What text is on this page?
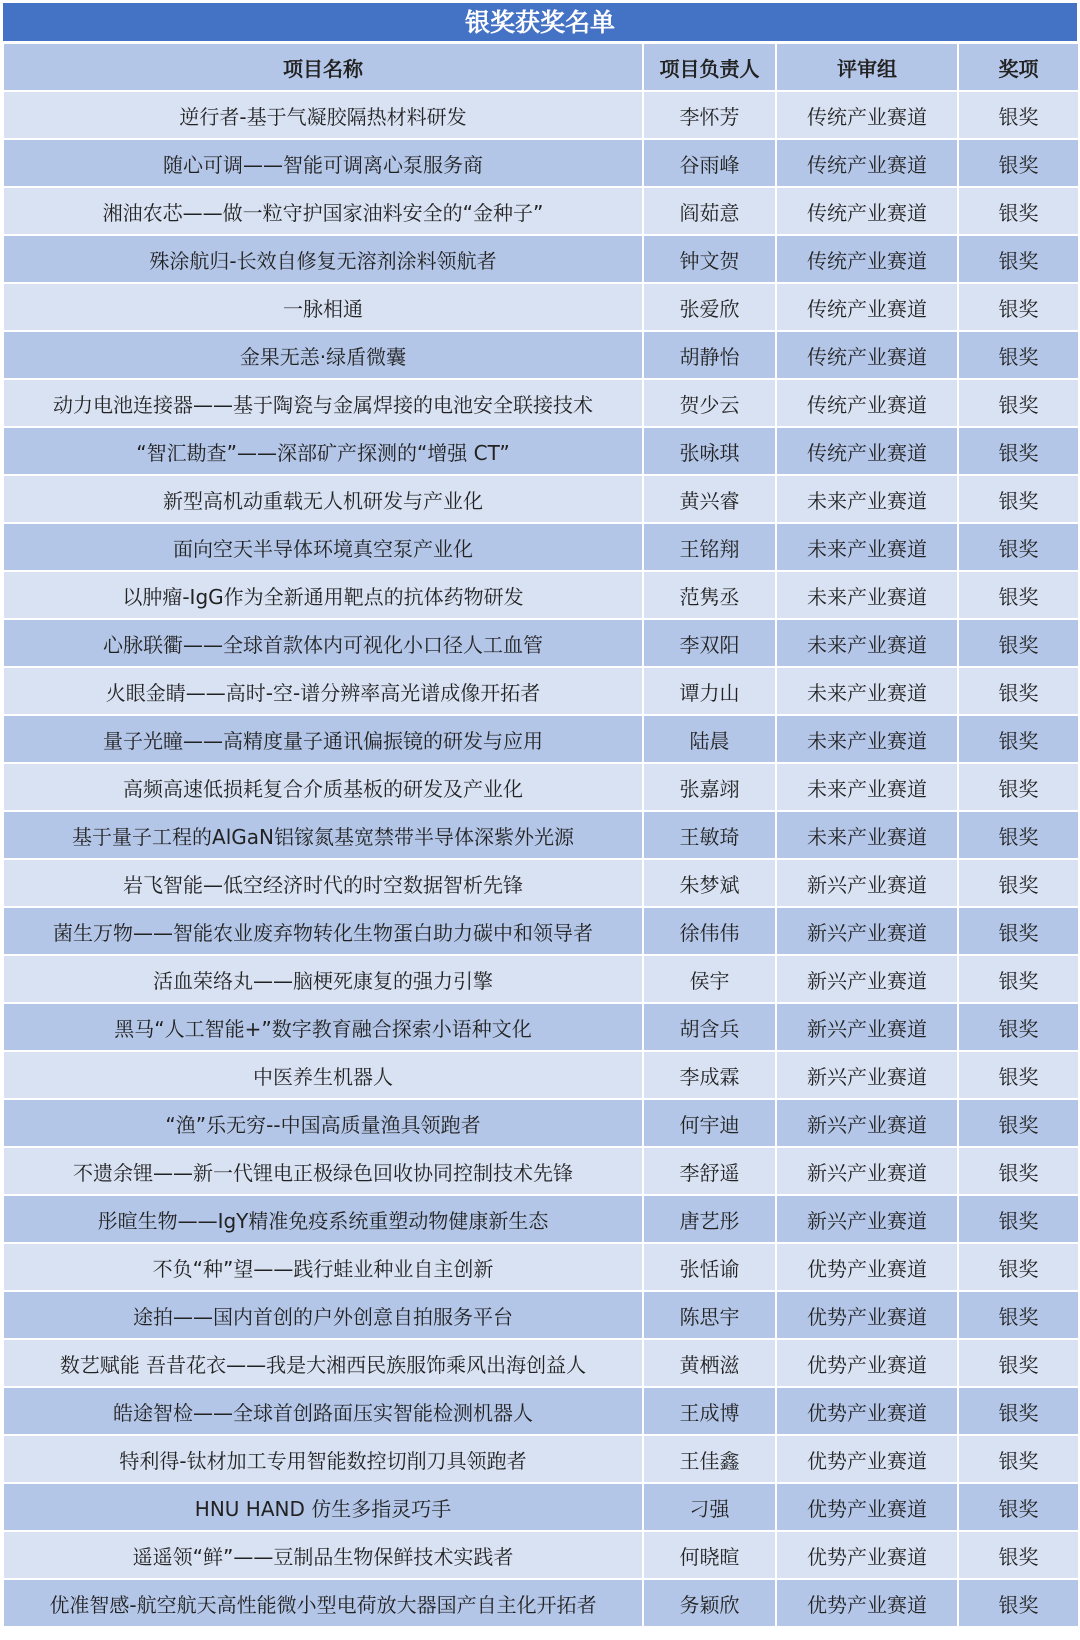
银奖获奖名单
项目名称	项目负责人	评审组	奖项
逆行者-基于气凝胶隔热材料研发	李怀芳	传统产业赛道	银奖
随心可调——智能可调离心泵服务商	谷雨峰	传统产业赛道	银奖
湘油农芯——做一粒守护国家油料安全的“金种子”	阎茹意	传统产业赛道	银奖
殊涂航归-长效自修复无溶剂涂料领航者	钟文贺	传统产业赛道	银奖
一脉相通	张爱欣	传统产业赛道	银奖
金果无恙·绿盾微囊	胡静怡	传统产业赛道	银奖
动力电池连接器——基于陶瓷与金属焊接的电池安全联接技术	贺少云	传统产业赛道	银奖
“智汇勘查”——深部矿产探测的“增强 CT”	张咏琪	传统产业赛道	银奖
新型高机动重载无人机研发与产业化	黄兴睿	未来产业赛道	银奖
面向空天半导体环境真空泵产业化	王铭翔	未来产业赛道	银奖
以肿瘤-IgG作为全新通用靶点的抗体药物研发	范隽丞	未来产业赛道	银奖
心脉联衢——全球首款体内可视化小口径人工血管	李双阳	未来产业赛道	银奖
火眼金睛——高时-空-谱分辨率高光谱成像开拓者	谭力山	未来产业赛道	银奖
量子光瞳——高精度量子通讯偏振镜的研发与应用	陆晨	未来产业赛道	银奖
高频高速低损耗复合介质基板的研发及产业化	张嘉翊	未来产业赛道	银奖
基于量子工程的AlGaN铝镓氮基宽禁带半导体深紫外光源	王敏琦	未来产业赛道	银奖
岩飞智能—低空经济时代的时空数据智析先锋	朱梦斌	新兴产业赛道	银奖
菌生万物——智能农业废弃物转化生物蛋白助力碳中和领导者	徐伟伟	新兴产业赛道	银奖
活血荣络丸——脑梗死康复的强力引擎	侯宇	新兴产业赛道	银奖
黑马“人工智能+”数字教育融合探索小语种文化	胡含兵	新兴产业赛道	银奖
中医养生机器人	李成霖	新兴产业赛道	银奖
“渔”乐无穷--中国高质量渔具领跑者	何宇迪	新兴产业赛道	银奖
不遗余锂——新一代锂电正极绿色回收协同控制技术先锋	李舒遥	新兴产业赛道	银奖
彤暄生物——IgY精准免疫系统重塑动物健康新生态	唐艺彤	新兴产业赛道	银奖
不负“种”望——践行蛙业种业自主创新	张恬谕	优势产业赛道	银奖
途拍——国内首创的户外创意自拍服务平台	陈思宇	优势产业赛道	银奖
数艺赋能 吾昔花衣——我是大湘西民族服饰乘风出海创益人	黄栖滋	优势产业赛道	银奖
皓途智检——全球首创路面压实智能检测机器人	王成博	优势产业赛道	银奖
特利得-钛材加工专用智能数控切削刀具领跑者	王佳鑫	优势产业赛道	银奖
HNU HAND 仿生多指灵巧手	刁强	优势产业赛道	银奖
遥遥领“鲜”——豆制品生物保鲜技术实践者	何晓暄	优势产业赛道	银奖
优准智感-航空航天高性能微小型电荷放大器国产自主化开拓者	务颖欣	优势产业赛道	银奖
